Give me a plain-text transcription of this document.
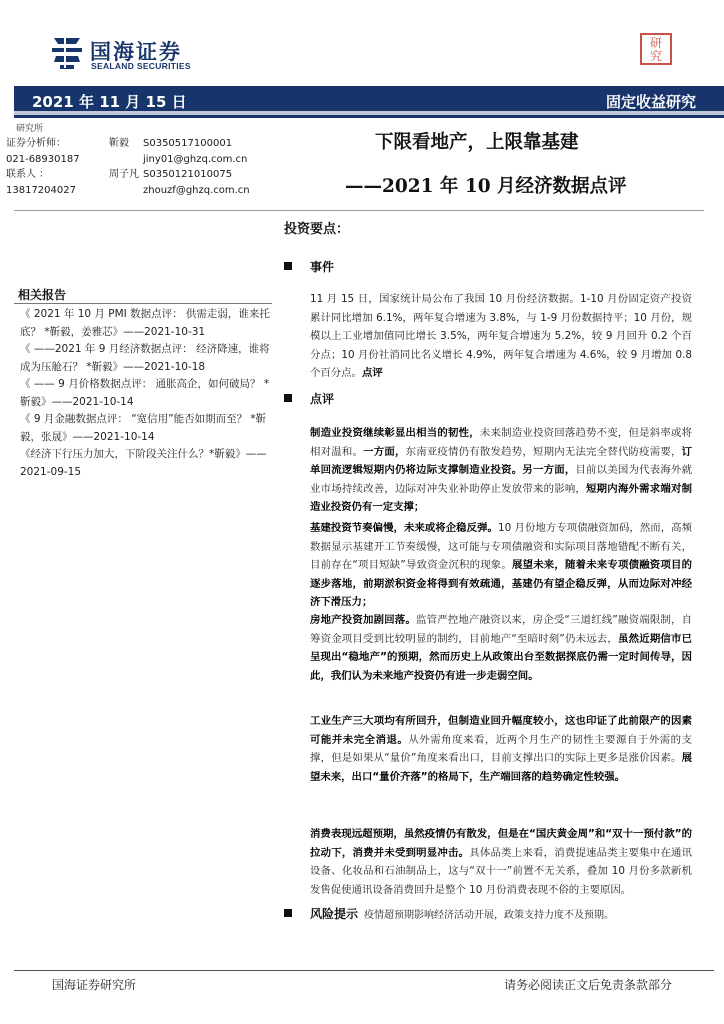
国海证券
SEALAND SECURITIES
研
究
2021 年 11 月 15 日	固定收益研究
研究所
证券分析师：	靳毅 S0350517100001
021-68930187	jiny01@ghzq.com.cn
联系人 ：	周子凡 S0350121010075
13817204027	zhouzf@ghzq.com.cn
下限看地产，上限靠基建
——2021 年 10 月经济数据点评
相关报告
《 2021 年 10 月 PMI 数据点评： 供需走弱，谁来托底？ *靳毅，姜雅芯》——2021-10-31
《 ——2021 年 9 月经济数据点评： 经济降速，谁将成为压舱石？ *靳毅》——2021-10-18
《 —— 9 月价格数据点评： 通胀高企，如何破局？ *靳毅》——2021-10-14
《 9 月金融数据点评： “宽信用”能否如期而至？ *靳毅，张晟》——2021-10-14
《经济下行压力加大，下阶段关注什么？*靳毅》——2021-09-15
投资要点：
事件
11 月 15 日，国家统计局公布了我国 10 月份经济数据。1-10 月份固定资产投资累计同比增加 6.1%，两年复合增速为 3.8%，与 1-9 月份数据持平；10 月份，规模以上工业增加值同比增长 3.5%，两年复合增速为 5.2%，较 9 月回升 0.2 个百分点；10 月份社消同比名义增长 4.9%，两年复合增速为 4.6%，较 9 月增加 0.8 个百分点。点评
点评
制造业投资继续彰显出相当的韧性，未来制造业投资回落趋势不变，但是斜率或将相对温和。一方面，东南亚疫情仍有散发趋势，短期内无法完全替代防疫需要，订单回流逻辑短期内仍将边际支撑制造业投资。另一方面，目前以美国为代表海外就业市场持续改善，边际对冲失业补助停止发放带来的影响，短期内海外需求端对制造业投资仍有一定支撑；
基建投资节奏偏慢，未来或将企稳反弹。10 月份地方专项债融资加码，然而，高频数据显示基建开工节奏缓慢，这可能与专项债融资和实际项目落地错配不断有关，目前存在“项目短缺”导致资金沉积的现象。展望未来，随着未来专项债融资项目的逐步落地，前期淤积资金将得到有效疏通，基建仍有望企稳反弹，从而边际对冲经济下滑压力；
房地产投资加剧回落。监管严控地产融资以来，房企受“三道红线”融资端限制，自筹资金项目受到比较明显的制约，目前地产“至暗时刻”仍未远去，虽然近期信市已呈现出“稳地产”的预期，然而历史上从政策出台至数据探底仍需一定时间传导，因此，我们认为未来地产投资仍有进一步走弱空间。
工业生产三大项均有所回升，但制造业回升幅度较小，这也印证了此前限产的因素可能并未完全消退。从外需角度来看，近两个月生产的韧性主要源自于外需的支撑，但是如果从“量价”角度来看出口，目前支撑出口的实际上更多是涨价因素。展望未来，出口“量价齐落”的格局下，生产端回落的趋势确定性较强。
消费表现远超预期，虽然疫情仍有散发，但是在“国庆黄金周”和“双十一预付款”的拉动下，消费并未受到明显冲击。具体品类上来看，消费提速品类主要集中在通讯设备、化妆品和石油制品上，这与“双十一”前置不无关系，叠加 10 月份多款新机发售促使通讯设备消费回升是整个 10 月份消费表现不俗的主要原因。
风险提示 疫情超预期影响经济活动开展，政策支持力度不及预期。
国海证券研究所	请务必阅读正文后免责条款部分
